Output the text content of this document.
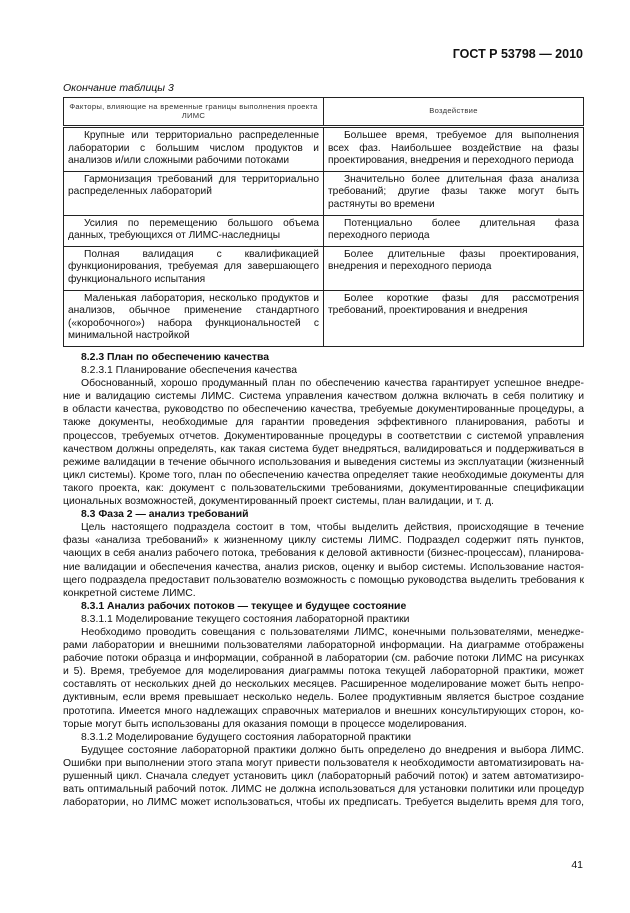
ГОСТ Р 53798 — 2010
Окончание таблицы 3
Факторы, влияющие на временные границы выполнения проекта ЛИМС	Воздействие

Крупные или территориально распределенные лаборатории с большим числом продуктов и анализов и/или сложными рабочими потоками	Большее время, требуемое для выполнения всех фаз. Наибольшее воздействие на фазы проектирования, внедрения и переходного периода

Гармонизация требований для территориально распределенных лабораторий	Значительно более длительная фаза анализа требований; другие фазы также могут быть растянуты во времени

Усилия по перемещению большого объема данных, требующихся от ЛИМС-наследницы	Потенциально более длительная фаза переходного периода

Полная валидация с квалификацией функционирования, требуемая для завершающего функционального испытания	Более длительные фазы проектирования, внедрения и переходного периода

Маленькая лаборатория, несколько продуктов и анализов, обычное применение стандартного («коробочного») набора функциональностей с минимальной настройкой	Более короткие фазы для рассмотрения требований, проектирования и внедрения
8.2.3 План по обеспечению качества
8.2.3.1 Планирование обеспечения качества
Обоснованный, хорошо продуманный план по обеспечению качества гарантирует успешное внедре-
ние и валидацию системы ЛИМС. Система управления качеством должна включать в себя политику и
в области качества, руководство по обеспечению качества, требуемые документированные процедуры, а
также документы, необходимые для гарантии проведения эффективного планирования, работы и
процессов, требуемых отчетов. Документированные процедуры в соответствии с системой управления
качеством должны определять, как такая система будет внедряться, валидироваться и поддерживаться в
режиме валидации в течение обычного использования и выведения системы из эксплуатации (жизненный
цикл системы). Кроме того, план по обеспечению качества определяет такие необходимые документы для
такого проекта, как: документ с пользовательскими требованиями, документированные спецификации
циональных возможностей, документированный проект системы, план валидации, и т. д.
8.3 Фаза 2 — анализ требований
Цель настоящего подраздела состоит в том, чтобы выделить действия, происходящие в течение
фазы «анализа требований» к жизненному циклу системы ЛИМС. Подраздел содержит пять пунктов,
чающих в себя анализ рабочего потока, требования к деловой активности (бизнес-процессам), планирова-
ние валидации и обеспечения качества, анализ рисков, оценку и выбор системы. Использование настоя-
щего подраздела предоставит пользователю возможность с помощью руководства выделить требования к
конкретной системе ЛИМС.
8.3.1 Анализ рабочих потоков — текущее и будущее состояние
8.3.1.1 Моделирование текущего состояния лабораторной практики
Необходимо проводить совещания с пользователями ЛИМС, конечными пользователями, менедже-
рами лаборатории и внешними пользователями лабораторной информации. На диаграмме отображены
рабочие потоки образца и информации, собранной в лаборатории (см. рабочие потоки ЛИМС на рисунках
и 5). Время, требуемое для моделирования диаграммы потока текущей лабораторной практики, может
составлять от нескольких дней до нескольких месяцев. Расширенное моделирование может быть непро-
дуктивным, если время превышает несколько недель. Более продуктивным является быстрое создание
прототипа. Имеется много надлежащих справочных материалов и внешних консультирующих сторон, ко-
торые могут быть использованы для оказания помощи в процессе моделирования.
8.3.1.2 Моделирование будущего состояния лабораторной практики
Будущее состояние лабораторной практики должно быть определено до внедрения и выбора ЛИМС.
Ошибки при выполнении этого этапа могут привести пользователя к необходимости автоматизировать на-
рушенный цикл. Сначала следует установить цикл (лабораторный рабочий поток) и затем автоматизиро-
вать оптимальный рабочий поток. ЛИМС не должна использоваться для установки политики или процедур
лаборатории, но ЛИМС может использоваться, чтобы их предписать. Требуется выделить время для того,
41
